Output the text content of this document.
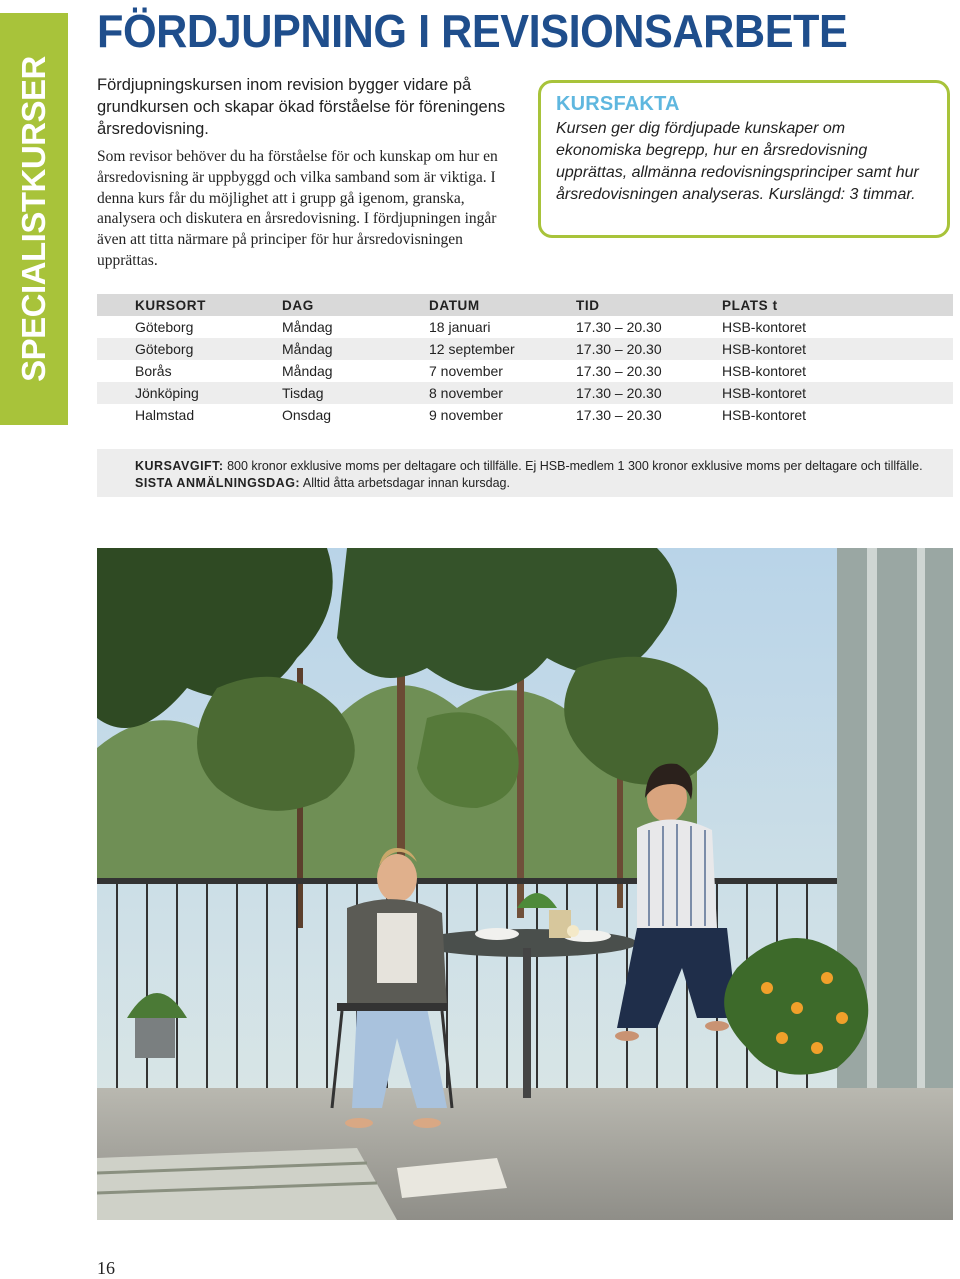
SPECIALISTKURSER
FÖRDJUPNING I REVISIONSARBETE

Fördjupningskursen inom revision bygger vidare på grundkursen och skapar ökad förståelse för föreningens årsredovisning.

Som revisor behöver du ha förståelse för och kunskap om hur en årsredovisning är uppbyggd och vilka samband som är viktiga. I denna kurs får du möjlighet att i grupp gå igenom, granska, analysera och diskutera en årsredovisning. I fördjupningen ingår även att titta närmare på principer för hur årsredovisningen upprättas.

KURSFAKTA

Kursen ger dig fördjupade kunskaper om ekonomiska begrepp, hur en årsredovisning upprättas, allmänna redovisningsprinciper samt hur årsredovisningen analyseras. Kurslängd: 3 timmar.

KURSORT	DAG	DATUM	TID	PLATS t
Göteborg	Måndag	18 januari	17.30 – 20.30	HSB-kontoret
Göteborg	Måndag	12 september	17.30 – 20.30	HSB-kontoret
Borås	Måndag	7 november	17.30 – 20.30	HSB-kontoret
Jönköping	Tisdag	8 november	17.30 – 20.30	HSB-kontoret
Halmstad	Onsdag	9 november	17.30 – 20.30	HSB-kontoret
KURSAVGIFT: 800 kronor exklusive moms per deltagare och tillfälle. Ej HSB-medlem 1 300 kronor exklusive moms per deltagare och tillfälle.
SISTA ANMÄLNINGSDAG: Alltid åtta arbetsdagar innan kursdag.
16
